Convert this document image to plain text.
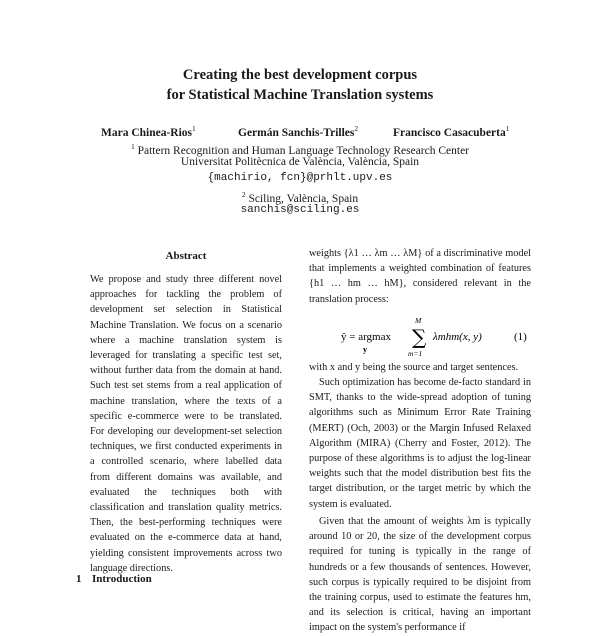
Creating the best development corpus
for Statistical Machine Translation systems
Mara Chinea-Rios$^1$	Germán Sanchis-Trilles$^2$	Francisco Casacuberta$^1$
$^1$ Pattern Recognition and Human Language Technology Research Center
Universitat Politècnica de València, València, Spain
{machirio, fcn}@prhlt.upv.es
$^2$ Sciling, València, Spain
sanchis@sciling.es
Abstract
We propose and study three different novel approaches for tackling the problem of development set selection in Statistical Machine Translation. We focus on a scenario where a machine translation system is leveraged for translating a specific test set, without further data from the domain at hand. Such test set stems from a real application of machine translation, where the texts of a specific e-commerce were to be translated. For developing our development-set selection techniques, we first conducted experiments in a controlled scenario, where labelled data from different domains was available, and evaluated the techniques both with classification and translation quality metrics. Then, the best-performing techniques were evaluated on the e-commerce data at hand, yielding consistent improvements across two language directions.
1 Introduction
weights {λ1 … λm … λM} of a discriminative model that implements a weighted combination of features {h1 … hm … hM}, considered relevant in the translation process:
ŷ = argmax
y
M
∑
m=1
λmhm(x, y)	(1)
with x and y being the source and target sentences.
Such optimization has become de-facto standard in SMT, thanks to the wide-spread adoption of tuning algorithms such as Minimum Error Rate Training (MERT) (Och, 2003) or the Margin Infused Relaxed Algorithm (MIRA) (Cherry and Foster, 2012). The purpose of these algorithms is to adjust the log-linear weights such that the model distribution best fits the target distribution, or the target metric by which the system is evaluated.
Given that the amount of weights λm is typically around 10 or 20, the size of the development corpus required for tuning is typically in the range of hundreds or a few thousands of sentences. However, such corpus is typically required to be disjoint from the training corpus, used to estimate the features hm, and its selection is critical, having an important impact on the system's performance if
